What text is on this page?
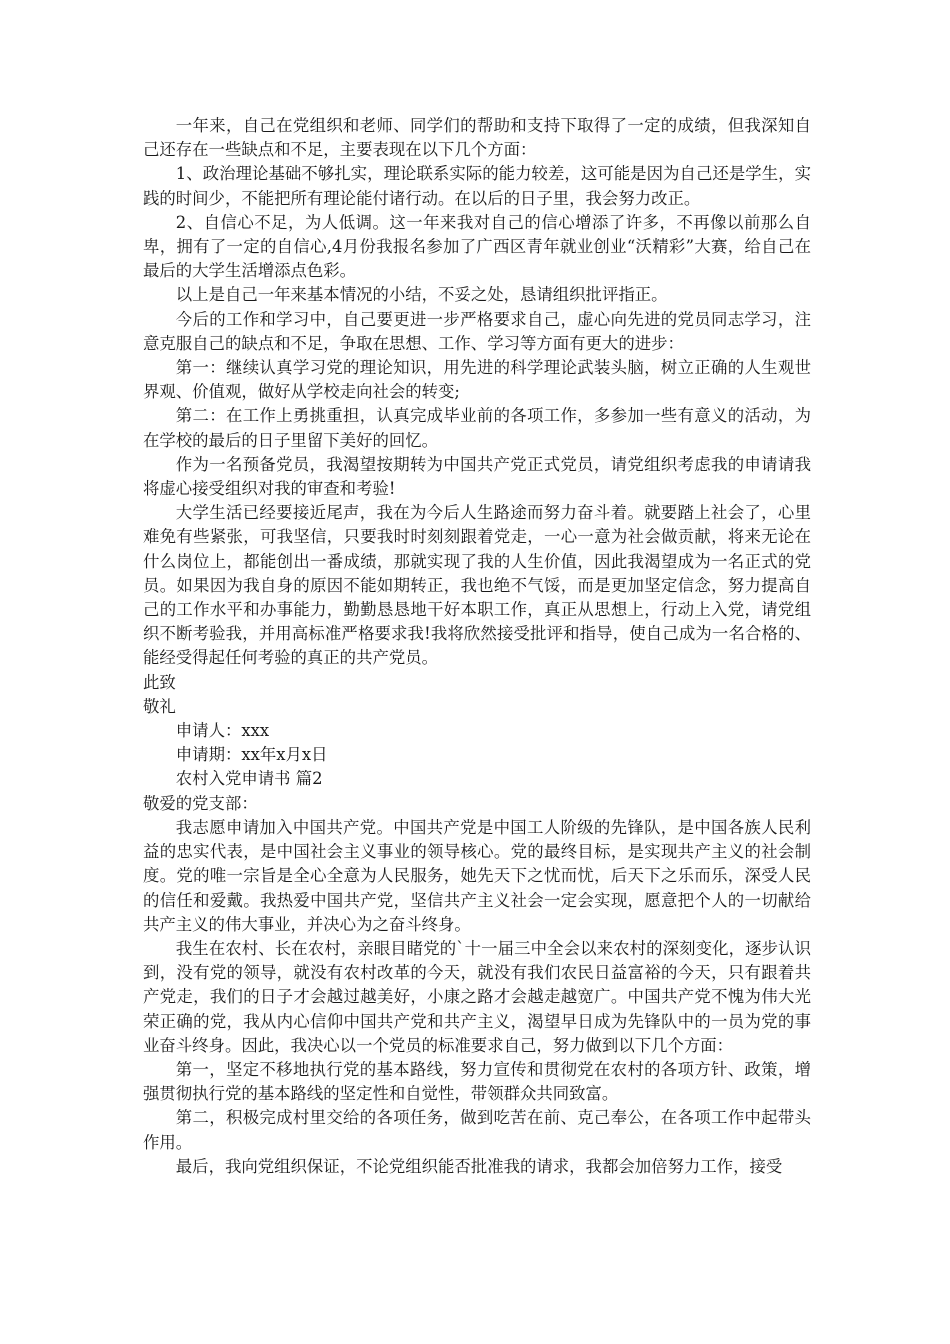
一年来，自己在党组织和老师、同学们的帮助和支持下取得了一定的成绩，但我深知自己还存在一些缺点和不足，主要表现在以下几个方面：

1、政治理论基础不够扎实，理论联系实际的能力较差，这可能是因为自己还是学生，实践的时间少，不能把所有理论能付诸行动。在以后的日子里，我会努力改正。

2、自信心不足，为人低调。这一年来我对自己的信心增添了许多，不再像以前那么自卑，拥有了一定的自信心,4月份我报名参加了广西区青年就业创业“沃精彩”大赛，给自己在最后的大学生活增添点色彩。

以上是自己一年来基本情况的小结，不妥之处，恳请组织批评指正。

今后的工作和学习中，自己要更进一步严格要求自己，虚心向先进的党员同志学习，注意克服自己的缺点和不足，争取在思想、工作、学习等方面有更大的进步：

第一：继续认真学习党的理论知识，用先进的科学理论武装头脑，树立正确的人生观世界观、价值观，做好从学校走向社会的转变;

第二：在工作上勇挑重担，认真完成毕业前的各项工作，多参加一些有意义的活动，为在学校的最后的日子里留下美好的回忆。

作为一名预备党员，我渴望按期转为中国共产党正式党员，请党组织考虑我的申请请我将虚心接受组织对我的审查和考验!

大学生活已经要接近尾声，我在为今后人生路途而努力奋斗着。就要踏上社会了，心里难免有些紧张，可我坚信，只要我时时刻刻跟着党走，一心一意为社会做贡献，将来无论在什么岗位上，都能创出一番成绩，那就实现了我的人生价值，因此我渴望成为一名正式的党员。如果因为我自身的原因不能如期转正，我也绝不气馁，而是更加坚定信念，努力提高自己的工作水平和办事能力，勤勤恳恳地干好本职工作，真正从思想上，行动上入党，请党组织不断考验我，并用高标准严格要求我!我将欣然接受批评和指导，使自己成为一名合格的、能经受得起任何考验的真正的共产党员。

此致

敬礼

申请人：xxx

申请期：xx年x月x日

农村入党申请书 篇2

敬爱的党支部：

我志愿申请加入中国共产党。中国共产党是中国工人阶级的先锋队，是中国各族人民利益的忠实代表，是中国社会主义事业的领导核心。党的最终目标，是实现共产主义的社会制度。党的唯一宗旨是全心全意为人民服务，她先天下之忧而忧，后天下之乐而乐，深受人民的信任和爱戴。我热爱中国共产党，坚信共产主义社会一定会实现，愿意把个人的一切献给共产主义的伟大事业，并决心为之奋斗终身。

我生在农村、长在农村，亲眼目睹党的`十一届三中全会以来农村的深刻变化，逐步认识到，没有党的领导，就没有农村改革的今天，就没有我们农民日益富裕的今天，只有跟着共产党走，我们的日子才会越过越美好，小康之路才会越走越宽广。中国共产党不愧为伟大光荣正确的党，我从内心信仰中国共产党和共产主义，渴望早日成为先锋队中的一员为党的事业奋斗终身。因此，我决心以一个党员的标准要求自己，努力做到以下几个方面：

第一，坚定不移地执行党的基本路线，努力宣传和贯彻党在农村的各项方针、政策，增强贯彻执行党的基本路线的坚定性和自觉性，带领群众共同致富。

第二，积极完成村里交给的各项任务，做到吃苦在前、克己奉公，在各项工作中起带头作用。

最后，我向党组织保证，不论党组织能否批准我的请求，我都会加倍努力工作，接受
